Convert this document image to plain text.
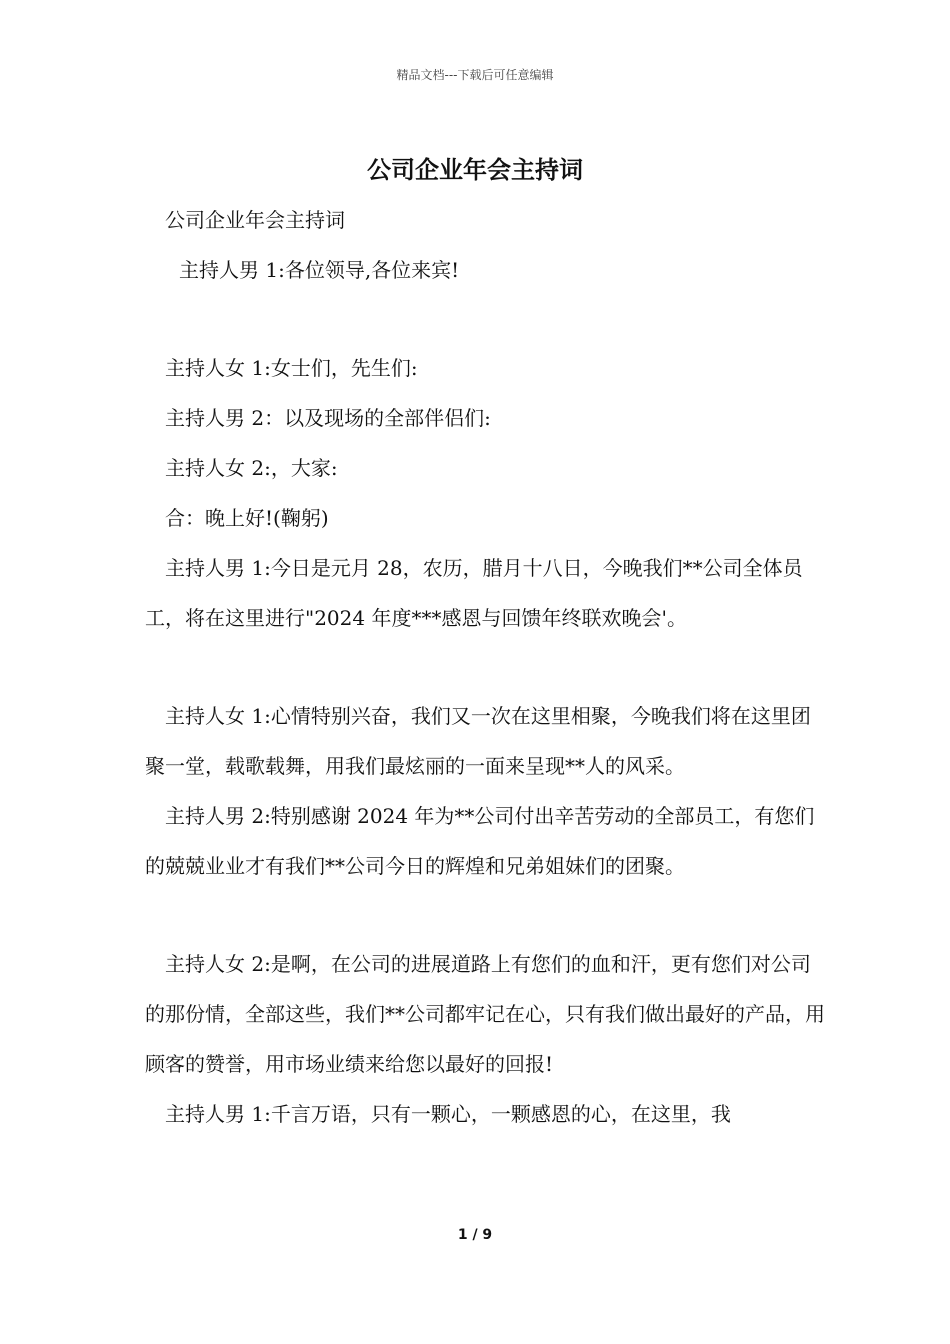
精品文档---下载后可任意编辑
公司企业年会主持词

公司企业年会主持词

主持人男 1:各位领导,各位来宾!

主持人女 1:女士们，先生们:

主持人男 2：以及现场的全部伴侣们:

主持人女 2:，大家:

合：晚上好!(鞠躬)

主持人男 1:今日是元月 28，农历，腊月十八日，今晚我们**公司全体员工，将在这里进行"2024 年度***感恩与回馈年终联欢晚会'。

主持人女 1:心情特别兴奋，我们又一次在这里相聚，今晚我们将在这里团聚一堂，载歌载舞，用我们最炫丽的一面来呈现**人的风采。

主持人男 2:特别感谢 2024 年为**公司付出辛苦劳动的全部员工，有您们的兢兢业业才有我们**公司今日的辉煌和兄弟姐妹们的团聚。

主持人女 2:是啊，在公司的进展道路上有您们的血和汗，更有您们对公司的那份情，全部这些，我们**公司都牢记在心，只有我们做出最好的产品，用顾客的赞誉，用市场业绩来给您以最好的回报!

主持人男 1:千言万语，只有一颗心，一颗感恩的心，在这里，我

1 / 9
